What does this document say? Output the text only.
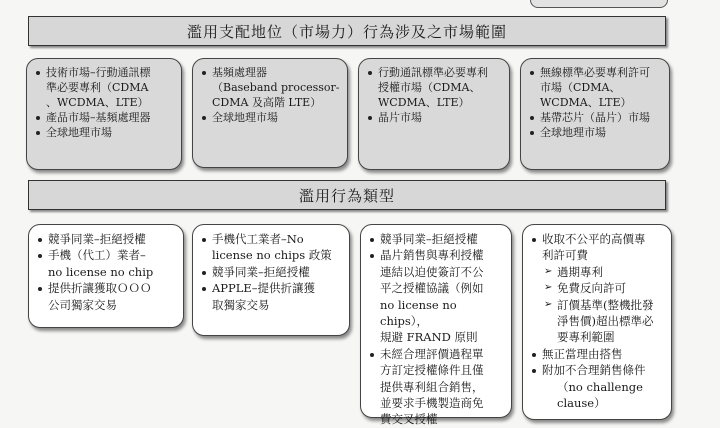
濫用支配地位（市場力）行為涉及之市場範圍
技術市場–行動通訊標
準必要專利（CDMA
、WCDMA、LTE）
產品市場–基頻處理器
全球地理市場
基頻處理器
（Baseband processor-
CDMA 及高階 LTE）
全球地理市場
行動通訊標準必要專利
授權市場（CDMA、
WCDMA、LTE）
晶片市場
無線標準必要專利許可
市場（CDMA、
WCDMA、LTE）
基帶芯片（晶片）市場
全球地理市場
濫用行為類型
競爭同業–拒絕授權
手機（代工）業者–
no license no chip
提供折讓獲取ＯＯＯ
公司獨家交易
手機代工業者–No
license no chips 政策
競爭同業–拒絕授權
APPLE–提供折讓獲
取獨家交易
競爭同業–拒絕授權
晶片銷售與專利授權
連結以迫使簽訂不公
平之授權協議（例如
no license no chips），
規避 FRAND 原則
未經合理評價過程單
方訂定授權條件且僅
提供專利組合銷售，
並要求手機製造商免
費交叉授權
收取不公平的高價專
利許可費
➢ 過期專利
➢ 免費反向許可
➢ 訂價基準(整機批發
淨售價)超出標準必
要專利範圍
無正當理由搭售
附加不合理銷售條件
（no challenge clause）
